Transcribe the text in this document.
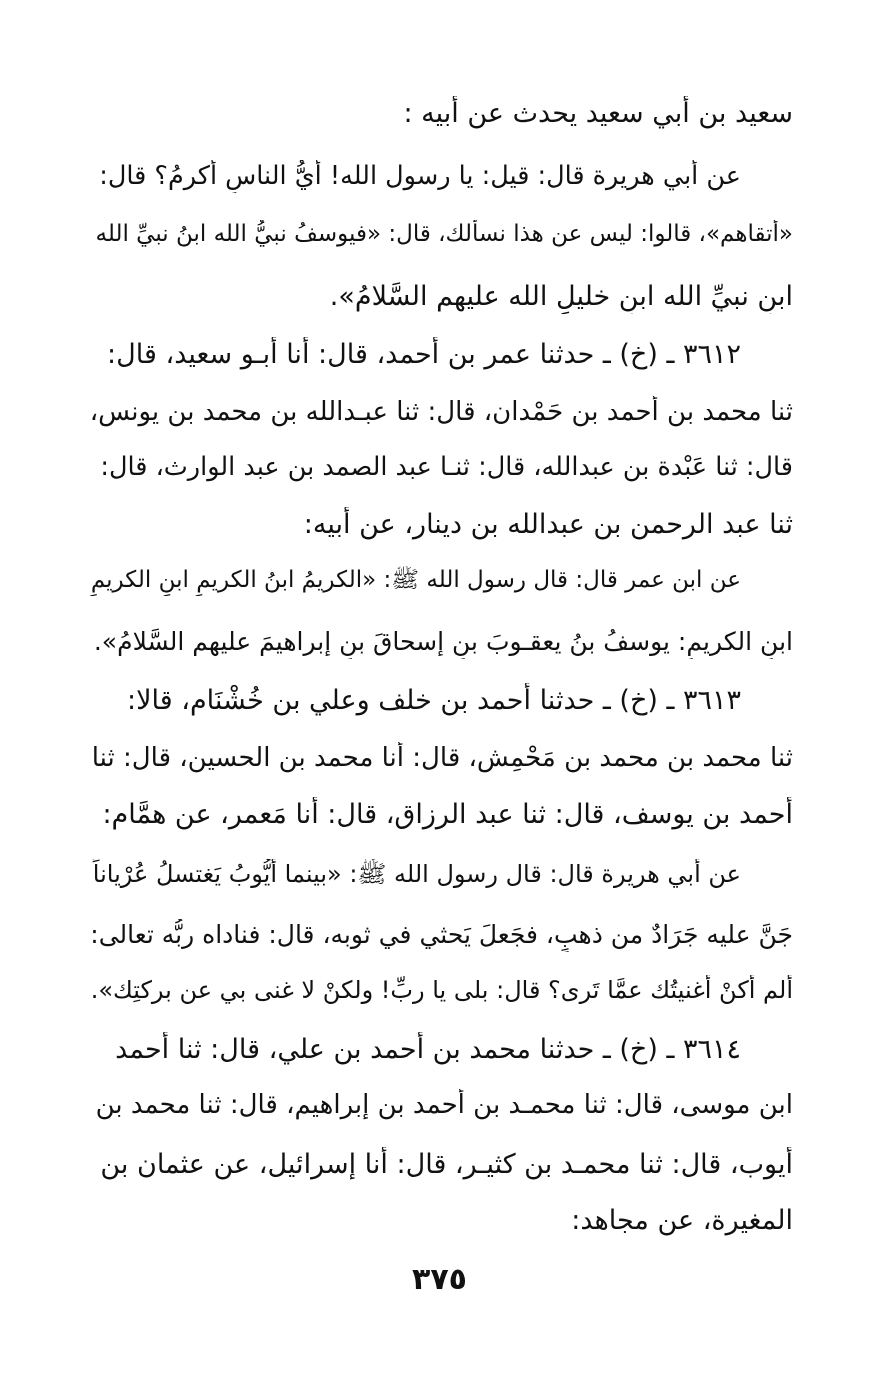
سعيد بن أبي سعيد يحدث عن أبيه :
عن أبي هريرة قال: قيل: يا رسول الله! أيُّ الناسِ أكرمُ؟ قال:
«أتقاهم»، قالوا: ليس عن هذا نسألك، قال: «فيوسفُ نبيُّ الله ابنُ نبيِّ الله
ابنِ نبيِّ الله ابنِ خليلِ الله عليهم السَّلامُ».
٣٦١٢ ـ (خ) ـ حدثنا عمر بن أحمد، قال: أنا أبـو سعيد، قال:
ثنا محمد بن أحمد بن حَمْدان، قال: ثنا عبـدالله بن محمد بن يونس،
قال: ثنا عَبْدة بن عبدالله، قال: ثنـا عبد الصمد بن عبد الوارث، قال:
ثنا عبد الرحمن بن عبدالله بن دينار، عن أبيه:
عن ابن عمر قال: قال رسول الله ﷺ: «الكريمُ ابنُ الكريمِ ابنِ الكريمِ
ابنِ الكريمِ: يوسفُ بنُ يعقـوبَ بنِ إسحاقَ بنِ إبراهيمَ عليهم السَّلامُ».
٣٦١٣ ـ (خ) ـ حدثنا أحمد بن خلف وعلي بن خُشْنَام، قالا:
ثنا محمد بن محمد بن مَحْمِش، قال: أنا محمد بن الحسين، قال: ثنا
أحمد بن يوسف، قال: ثنا عبد الرزاق، قال: أنا مَعمر، عن همَّام:
عن أبي هريرة قال: قال رسول الله ﷺ: «بينما أيُّوبُ يَغتسلُ عُرْياناً
جَنَّ عليه جَرَادٌ من ذهبٍ، فجَعلَ يَحثي في ثوبه، قال: فناداه ربُّه تعالى:
ألم أَكنْ أَغنيتُك عمَّا تَرى؟ قال: بلى يا ربِّ! ولكنْ لا غنى بي عن بركتِك».
٣٦١٤ ـ (خ) ـ حدثنا محمد بن أحمد بن علي، قال: ثنا أحمد
ابن موسى، قال: ثنا محمـد بن أحمد بن إبراهيم، قال: ثنا محمد بن
أيوب، قال: ثنا محمـد بن كثيـر، قال: أنا إسرائيل، عن عثمان بن
المغيرة، عن مجاهد:
٣٧٥
